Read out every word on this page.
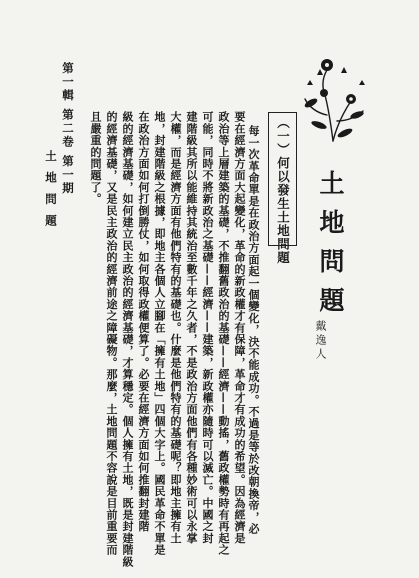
第一輯 第二卷 第一期
土地問題	每一次革命單是在政治方面起一個變化，決不能成功。不過是等於改朝換帝，必
要在經濟方面大起變化，革命的新政權才有保障，革命才有成功的希望。因為經濟是
政治等上層建築的基礎，不推翻舊政治的基礎——經濟——動搖，舊政權勢時有再起之
可能，同時不將新政治之基礎——經濟——建築，新政權亦隨時可以滅亡。中國之封
建階級其所以能維持其統治至數千年之久者，不是政治方面他們有各種妙術可以永掌
大權，而是經濟方面有他們特有的基礎也。什麼是他們特有的基礎呢？即地主擁有土
地，封建階級之根據，即地主各個人立腳在「擁有土地」四個大字上。國民革命不單是
在政治方面如何打倒勝仗，如何取得政權便算了。必要在經濟方面如何推翻封建階
級的經濟基礎，如何建立民主政治的經濟基礎，才算穩定。個人擁有土地，既是封建階級
的經濟基礎，又是民主政治的經濟前途之障礙物。那麼，土地問題不容說是目前重要而
且嚴重的問題了。	（一）何以發生土地問題 土地問題
戴逸人
